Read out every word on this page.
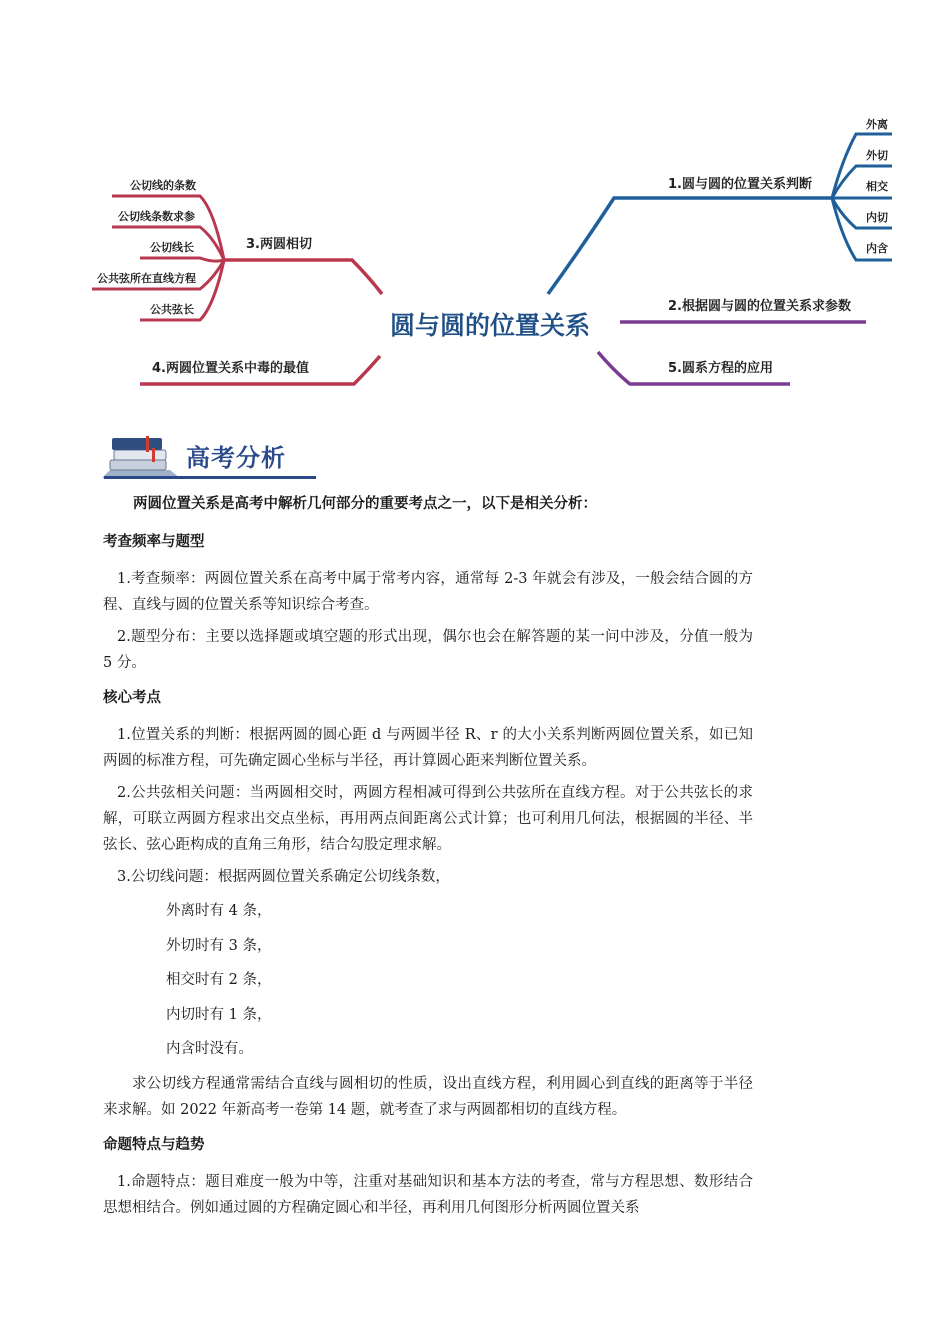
圆与圆的位置关系
1.圆与圆的位置关系判断
外离
外切
相交
内切
内含
2.根据圆与圆的位置关系求参数
5.圆系方程的应用
3.两圆相切
公切线的条数
公切线条数求参
公切线长
公共弦所在直线方程
公共弦长
4.两圆位置关系中毒的最值
高考分析
两圆位置关系是高考中解析几何部分的重要考点之一，以下是相关分析：
考查频率与题型
1.考查频率：两圆位置关系在高考中属于常考内容，通常每 2-3 年就会有涉及，一般会结合圆的方程、直线与圆的位置关系等知识综合考查。
2.题型分布：主要以选择题或填空题的形式出现，偶尔也会在解答题的某一问中涉及，分值一般为 5 分。
核心考点
1.位置关系的判断：根据两圆的圆心距 d 与两圆半径 R、r 的大小关系判断两圆位置关系，如已知两圆的标准方程，可先确定圆心坐标与半径，再计算圆心距来判断位置关系。
2.公共弦相关问题：当两圆相交时，两圆方程相减可得到公共弦所在直线方程。对于公共弦长的求解，可联立两圆方程求出交点坐标，再用两点间距离公式计算；也可利用几何法，根据圆的半径、半弦长、弦心距构成的直角三角形，结合勾股定理求解。
3.公切线问题：根据两圆位置关系确定公切线条数，
外离时有 4 条，
外切时有 3 条，
相交时有 2 条，
内切时有 1 条，
内含时没有。
求公切线方程通常需结合直线与圆相切的性质，设出直线方程，利用圆心到直线的距离等于半径来求解。如 2022 年新高考一卷第 14 题，就考查了求与两圆都相切的直线方程。
命题特点与趋势
1.命题特点：题目难度一般为中等，注重对基础知识和基本方法的考查，常与方程思想、数形结合思想相结合。例如通过圆的方程确定圆心和半径，再利用几何图形分析两圆位置关系
